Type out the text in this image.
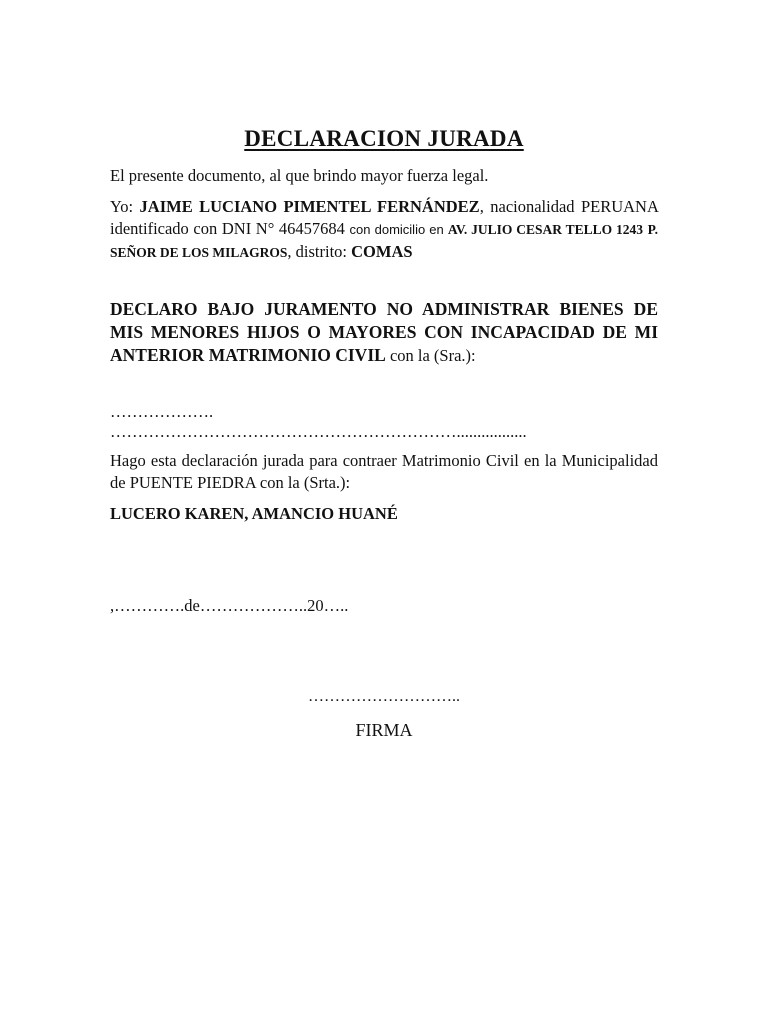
DECLARACION JURADA
El presente documento, al que brindo mayor fuerza legal.
Yo: JAIME LUCIANO PIMENTEL FERNÁNDEZ, nacionalidad PERUANA identificado con DNI N° 46457684 con domicilio en AV. JULIO CESAR TELLO 1243 P. SEÑOR DE LOS MILAGROS, distrito: COMAS
DECLARO BAJO JURAMENTO NO ADMINISTRAR BIENES DE MIS MENORES HIJOS O MAYORES CON INCAPACIDAD DE MI ANTERIOR MATRIMONIO CIVIL con la (Sra.):
……………….
……………………………………………………….................
Hago esta declaración jurada para contraer Matrimonio Civil en la Municipalidad de PUENTE PIEDRA con la (Srta.):
LUCERO KAREN, AMANCIO HUANÉ
,………….de………………..20…..
………………………..
FIRMA
